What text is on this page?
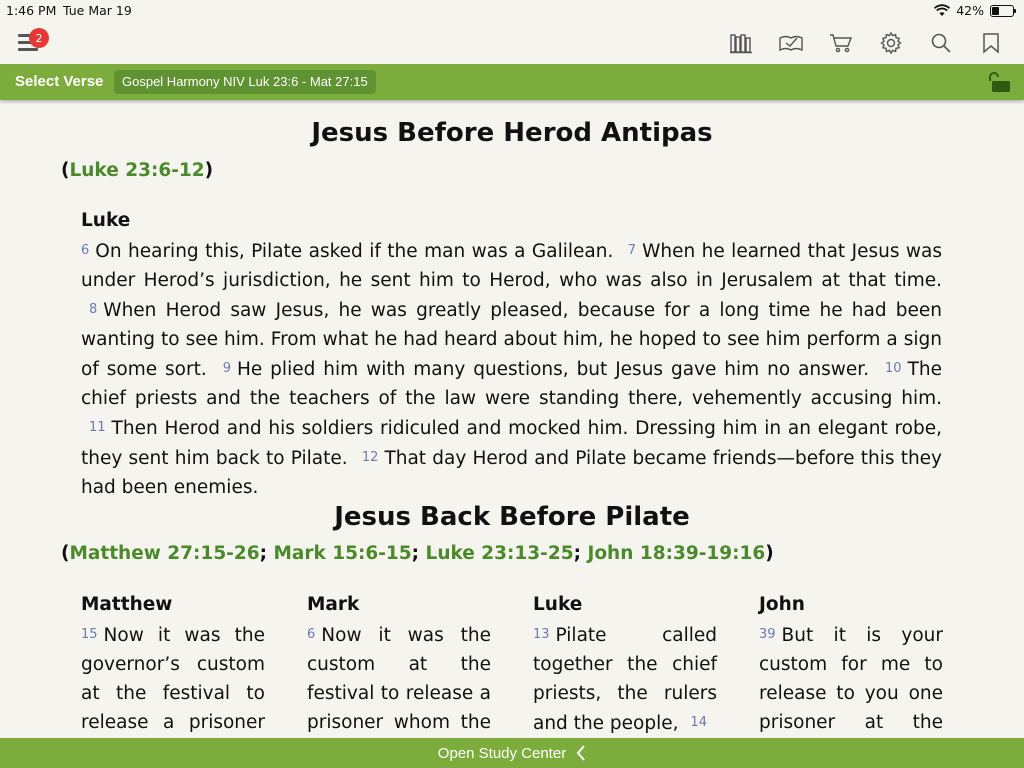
1:46 PM Tue Mar 19	42%
2
Select Verse	Gospel Harmony NIV Luk 23:6 - Mat 27:15
Jesus Before Herod Antipas
(Luke 23:6-12)
Luke
6 On hearing this, Pilate asked if the man was a Galilean. 7 When he learned that Jesus was under Herod’s jurisdiction, he sent him to Herod, who was also in Jerusalem at that time. 8 When Herod saw Jesus, he was greatly pleased, because for a long time he had been wanting to see him. From what he had heard about him, he hoped to see him perform a sign of some sort. 9 He plied him with many questions, but Jesus gave him no answer. 10 The chief priests and the teachers of the law were standing there, vehemently accusing him. 11 Then Herod and his soldiers ridiculed and mocked him. Dressing him in an elegant robe, they sent him back to Pilate. 12 That day Herod and Pilate became friends—before this they had been enemies.
Jesus Back Before Pilate
(Matthew 27:15-26; Mark 15:6-15; Luke 23:13-25; John 18:39-19:16)
Matthew	Mark	Luke	John
15 Now it was the governor’s custom at the festival to release a prisoner
6 Now it was the custom at the festival to release a prisoner whom the
13 Pilate called together the chief priests, the rulers and the people, 14
39 But it is your custom for me to release to you one prisoner at the
Open Study Center
